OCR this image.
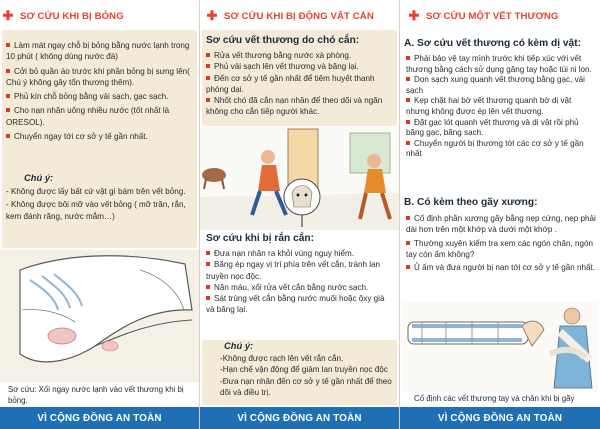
✚ SƠ CỨU KHI BỊ BỎNG
Làm mát ngay chỗ bị bỏng bằng nước lạnh trong 10 phút ( không dùng nước đá)
Cởi bỏ quần áo trước khi phần bỏng bị sưng lên( Chú ý không gây tổn thương thêm).
Phủ kín chỗ bỏng bằng vải sạch, gạc sạch.
Cho nạn nhân uống nhiều nước (tốt nhất là ORESOL).
Chuyển ngay tới cơ sở y tế gần nhất.
Chú ý:
- Không được lấy bất cứ vật gì bám trên vết bỏng.
- Không được bôi mỡ vào vết bỏng ( mỡ trăn, rắn, kem đánh răng, nước mắm…)
Sơ cứu: Xối ngay nước lạnh vào vết thương khi bị bỏng.
VÌ CỘNG ĐỒNG AN TOÀN
✚ SƠ CỨU KHI BỊ ĐỘNG VẬT CẮN
Sơ cứu vết thương do chó cắn:
Rửa vết thương bằng nước xà phòng.
Phủ vải sạch lên vết thương và băng lại.
Đến cơ sở y tế gần nhất để tiêm huyết thanh phòng dại.
Nhốt chó đã cắn nạn nhân để theo dõi và ngăn không cho cắn tiếp người khác.
Sơ cứu khi bị rắn cắn:
Đưa nạn nhân ra khỏi vùng nguy hiểm.
Băng ép ngay vị trí phía trên vết cắn, tránh lan truyền nọc độc.
Nặn máu, xối rửa vết cắn bằng nước sạch.
Sát trùng vết cắn bằng nước muối hoặc ôxy già và băng lại.
Chú ý:
-Không được rạch lên vết rắn cắn.
-Hạn chế vận động để giảm lan truyền nọc độc
-Đưa nạn nhân đến cơ sở y tế gần nhất để theo dõi và điều trị.
VÌ CỘNG ĐỒNG AN TOÀN
✚ SƠ CỨU MỘT VẾT THƯƠNG
A. Sơ cứu vết thương có kèm dị vật:
Phải bảo vệ tay mình trước khi tiếp xúc với vết thương bằng cách sử dụng găng tay hoặc túi ni lon.
Dọn sạch xung quanh vết thương bằng gạc, vải sạch
Kẹp chặt hai bờ vết thương quanh bờ dị vật nhưng không được ép lên vết thương.
Đặt gạc lót quanh vết thương và dị vật rồi phủ băng gạc, băng sạch.
Chuyển người bị thương tới các cơ sở y tế gần nhất
B. Có kèm theo gãy xương:
Cố định phần xương gãy bằng nẹp cứng, nẹp phải dài hơn trên một khớp và dưới một khớp .
Thường xuyên kiểm tra xem các ngón chân, ngón tay còn ấm không?
Ủ ấm và đưa người bị nạn tới cơ sở y tế gần nhất.
Cố định các vết thương tay và chân khi bị gãy
VÌ CỘNG ĐỒNG AN TOÀN
